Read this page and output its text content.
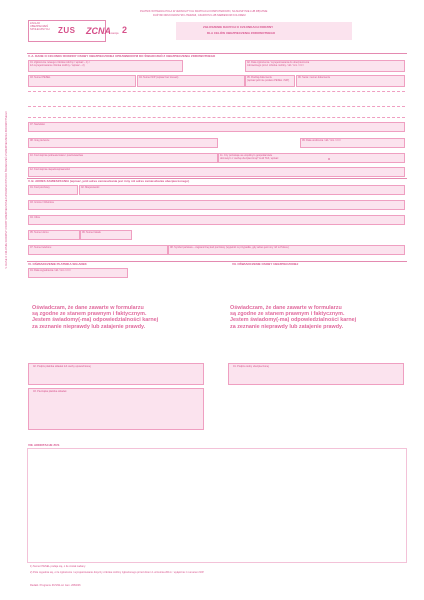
PŁATNIK WYPEŁNIA POLA W JEDNOLITYCH KRATKACH KOMPUTEROWO, NA MASZYNIE LUB RĘCZNIE
DUŻYMI DRUKOWANYMI LITERAMI, CZARNYM LUB NIEBIESKIM KOLOREM
ZAKŁAD UBEZPIECZEŃ SPOŁECZNYCH	ZUS ZCNA wersja 2	ZGŁOSZENIE DANYCH O CZŁONKACH RODZINY
DLA CELÓW UBEZPIECZENIA ZDROWOTNEGO
V. DANE O CZŁONKU RODZINY OSOBY UBEZPIECZONEJ UPRAWNIONYM DO ŚWIADCZEŃ Z UBEZPIECZENIA ZDROWOTNEGO
V. A. DANE O CZŁONKU RODZINY OSOBY UBEZPIECZONEJ UPRAWNIONYM DO ŚWIADCZEŃ Z UBEZPIECZENIA ZDROWOTNEGO
01. Zgłoszenie nowego członka rodziny / wpisać – 1) /
lub wyrejestrowanie członka rodziny / wpisać – 2)
02. Data zgłoszenia / wyrejestrowania do ubezpieczenia
zdrowotnego przez członka rodziny / dd / mm / rrrr /
03. Numer PESEL	04. Numer NIP (wpisać bez kresek)	05. Rodzaj dokumentu
(wpisać jeśli nie podano PESEL i NIP)
06. Seria i numer dokumentu
07. Nazwisko
08. Imię pierwsze	09. Data urodzenia / dd / mm / rrrr /
10. Kod stopnia pokrewieństwa / powinowactwa	11. Czy pozostaje we wspólnym gospodarstwie
domowym z osobą ubezpieczoną? Jeśli TAK, wpisać	X
12. Kod stopnia niepełnosprawności
V. B. ADRES ZAMIESZKANIA (wpisać, jeśli adres zamieszkania jest inny niż adres zamieszkania ubezpieczonego)
01. Kod pocztowy	02. Miejscowość
03. Gmina / Dzielnica
04. Ulica
05. Numer domu	06. Numer lokalu
07. Numer telefonu	08. Symbol państwa – zagranicznej kod pocztowy (wypełnić w przypadku, gdy adres jest inny niż w Polsce)
VI. OŚWIADCZENIE PŁATNIKA SKŁADEK	VII. OŚWIADCZENIE OSOBY UBEZPIECZONEJ
01. Data wypełnienia / dd / mm / rrrr /
Oświadczam, że dane zawarte w formularzu
są zgodne ze stanem prawnym i faktycznym.
Jestem świadomy(-ma) odpowiedzialności karnej
za zeznanie nieprawdy lub zatajenie prawdy.
Oświadczam, że dane zawarte w formularzu
są zgodne ze stanem prawnym i faktycznym.
Jestem świadomy(-ma) odpowiedzialności karnej
za zeznanie nieprawdy lub zatajenie prawdy.
02. Podpis płatnika składek lub osoby upoważnionej	01. Podpis osoby ubezpieczonej
03. Pieczątka płatnika składek
VIII. ADNOTACJE ZUS
1) Numer PESEL podaje się, o ile został nadany.
2) Pole wypełnia się, o ile zgłoszenie / wyrejestrowanie dotyczy członka rodziny zgłoszonego przed dniem 1 września 2011 r. wyłącznie z numerem NIP.
Redakt. Programu ZUS/W-wl. zam. 2084/36
